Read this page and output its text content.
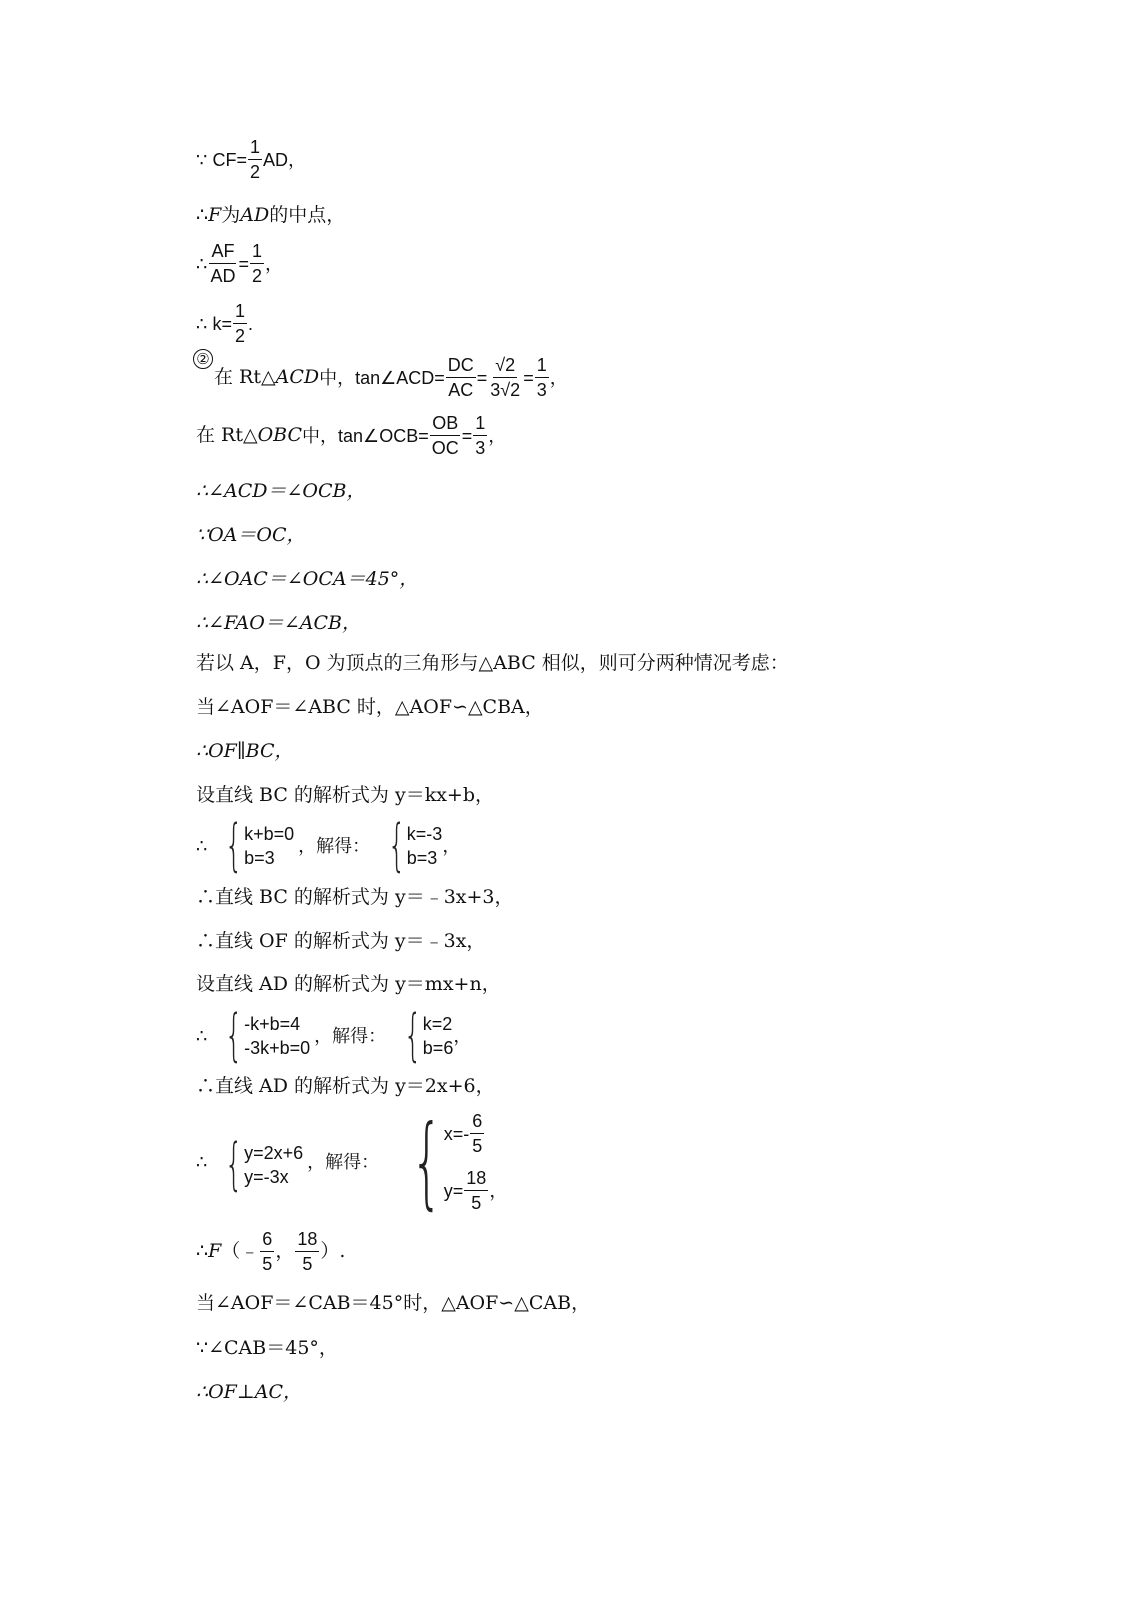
∵ $CF= \frac{1}{2}$ AD，
∴ F 为 AD 的中点，
∴ $\frac{AF}{AD} = \frac{1}{2}$ ，
∴ $k= \frac{1}{2}$ .
②
在 Rt△ ACD 中，tan∠ACD= $\frac{DC}{AC} = \frac{√2}{3√2} = \frac{1}{3}$ ，
在 Rt△ OBC 中，tan∠OCB= $\frac{OB}{OC} = \frac{1}{3}$ ，
∴∠ACD＝∠OCB，
∵OA＝OC，
∴∠OAC＝∠OCA＝45°，
∴∠FAO＝∠ACB，
若以 A，F，O 为顶点的三角形与△ABC 相似，则可分两种情况考虑：
当∠AOF＝∠ABC 时，△AOF∽△CBA，
∴OF∥BC，
设直线 BC 的解析式为 y＝kx+b，
∴ { k+b=0
b=3
，解得： { k=-3
b=3
，
∴直线 BC 的解析式为 y＝﹣3x+3，
∴直线 OF 的解析式为 y＝﹣3x，
设直线 AD 的解析式为 y＝mx+n，
∴ { -k+b=4
-3k+b=0
，解得： { k=2
b=6
，
∴直线 AD 的解析式为 y＝2x+6，
∴ { y=2x+6
y=-3x
，解得： { x=-
6
5
$y= \frac{18}{5}$ ，
∴ F （﹣
6
5
，
18
5
）.
当∠AOF＝∠CAB＝45°时，△AOF∽△CAB，
∵∠CAB＝45°，
∴OF⊥AC，
